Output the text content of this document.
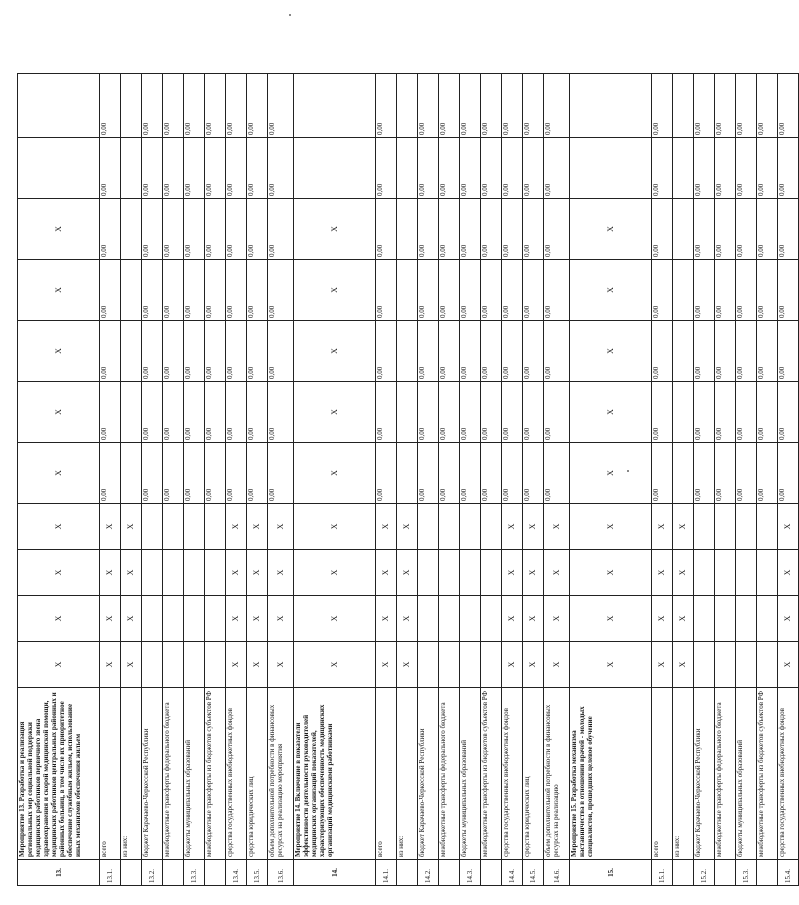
13.	Мероприятие 13. Разработка и реализация региональных мер социальной поддержки медицинских работников первичного звена здравоохранения и скорой медицинской помощи, медицинских работников центральных районных и районных больниц, в том числе их приоритетное обеспечение служебным жильем, использование иных механизмов обеспечения жильем	X	X	X	X	X	X	X	X	X		
13.1.	всего	X	X	X	X	0,00	0,00	0,00	0,00	0,00	0,00	0,00
	из них:	X	X	X	X							
13.2.	бюджет Карачаево-Черкесской Республики					0,00	0,00	0,00	0,00	0,00	0,00	0,00
	межбюджетные трансферты федерального бюджета					0,00	0,00	0,00	0,00	0,00	0,00	0,00
13.3.	бюджеты муниципальных образований					0,00	0,00	0,00	0,00	0,00	0,00	0,00
	межбюджетные трансферты из бюджетов субъектов РФ					0,00	0,00	0,00	0,00	0,00	0,00	0,00
13.4.	средства государственных внебюджетных фондов	X	X	X	X	0,00	0,00	0,00	0,00	0,00	0,00	0,00
13.5.	средства юридических лиц	X	X	X	X	0,00	0,00	0,00	0,00	0,00	0,00	0,00
13.6.	объем дополнительной потребности в финансовых ресурсах на реализацию мероприятия	X	X	X	X	0,00	0,00	0,00	0,00	0,00	0,00	0,00
14.	Мероприятие 14. Включение в показатели эффективности деятельности руководителей медицинских организаций показателей, характеризующих обеспеченность медицинских организаций медицинскими работниками	X	X	X	X	X	X	X	X	X		
14.1.	всего	X	X	X	X	0,00	0,00	0,00	0,00	0,00	0,00	0,00
	из них:	X	X	X	X							
14.2.	бюджет Карачаево-Черкесской Республики					0,00	0,00	0,00	0,00	0,00	0,00	0,00
	межбюджетные трансферты федерального бюджета					0,00	0,00	0,00	0,00	0,00	0,00	0,00
14.3.	бюджеты муниципальных образований					0,00	0,00	0,00	0,00	0,00	0,00	0,00
	межбюджетные трансферты из бюджетов субъектов РФ					0,00	0,00	0,00	0,00	0,00	0,00	0,00
14.4.	средства государственных внебюджетных фондов	X	X	X	X	0,00	0,00	0,00	0,00	0,00	0,00	0,00
14.5.	средства юридических лиц	X	X	X	X	0,00	0,00	0,00	0,00	0,00	0,00	0,00
14.6.	объем дополнительной потребности в финансовых ресурсах на реализацию	X	X	X	X	0,00	0,00	0,00	0,00	0,00	0,00	0,00
15.	Мероприятие 15. Разработка механизма наставничества в отношении врачей - молодых специалистов, прошедших целевое обучение	X	X	X	X	X	X	X	X	X		
15.1.	всего	X	X	X	X	0,00	0,00	0,00	0,00	0,00	0,00	0,00
	из них:	X	X	X	X							
15.2.	бюджет Карачаево-Черкесской Республики					0,00	0,00	0,00	0,00	0,00	0,00	0,00
	межбюджетные трансферты федерального бюджета					0,00	0,00	0,00	0,00	0,00	0,00	0,00
15.3.	бюджеты муниципальных образований					0,00	0,00	0,00	0,00	0,00	0,00	0,00
	межбюджетные трансферты из бюджетов субъектов РФ					0,00	0,00	0,00	0,00	0,00	0,00	0,00
15.4.	средства государственных внебюджетных фондов	X	X	X	X	0,00	0,00	0,00	0,00	0,00	0,00	0,00
